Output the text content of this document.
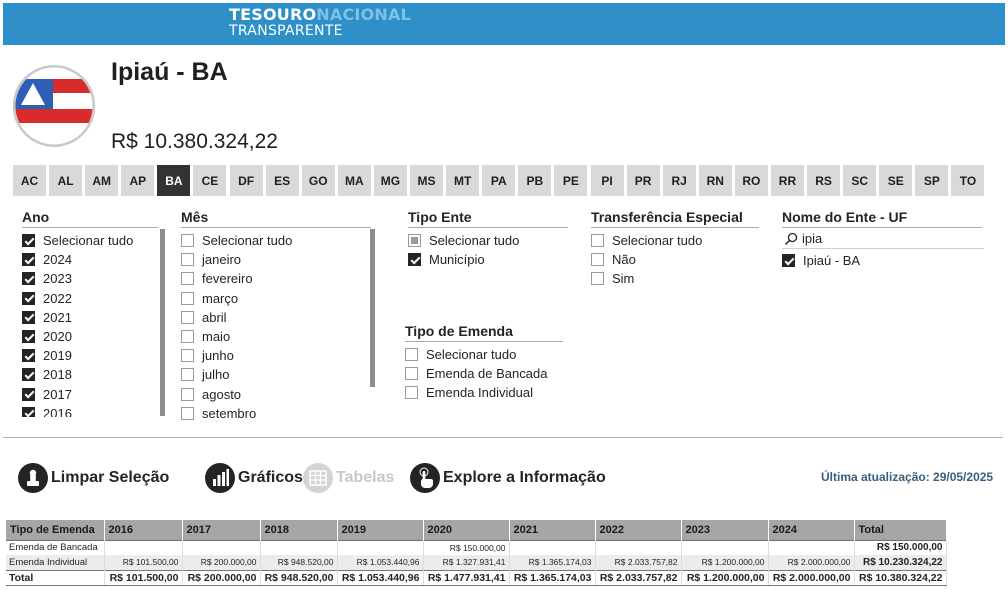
TESOURO NACIONAL
TRANSPARENTE
Ipiaú - BA
R$ 10.380.324,22
AC	AL	AM	AP	BA	CE	DF	ES	GO	MA	MG	MS	MT	PA	PB	PE	PI	PR	RJ	RN	RO	RR	RS	SC	SE	SP	TO
Ano
Selecionar tudo
2024
2023
2022
2021
2020
2019
2018
2017
2016
Mês
Selecionar tudo
janeiro
fevereiro
março
abril
maio
junho
julho
agosto
setembro
Tipo Ente
Selecionar tudo
Município
Tipo de Emenda
Selecionar tudo
Emenda de Bancada
Emenda Individual
Transferência Especial
Selecionar tudo
Não
Sim
Nome do Ente - UF
ipia
Ipiaú - BA
Limpar Seleção	Gráficos Tabelas	Explore a Informação	Última atualização: 29/05/2025
Tipo de Emenda	2016	2017	2018	2019	2020	2021	2022	2023	2024	Total
Emenda de Bancada					R$ 150.000,00					R$ 150.000,00
Emenda Individual	R$ 101.500,00	R$ 200.000,00	R$ 948.520,00	R$ 1.053.440,96	R$ 1.327.931,41	R$ 1.365.174,03	R$ 2.033.757,82	R$ 1.200.000,00	R$ 2.000.000,00	R$ 10.230.324,22
Total	R$ 101.500,00	R$ 200.000,00	R$ 948.520,00	R$ 1.053.440,96	R$ 1.477.931,41	R$ 1.365.174,03	R$ 2.033.757,82	R$ 1.200.000,00	R$ 2.000.000,00	R$ 10.380.324,22
